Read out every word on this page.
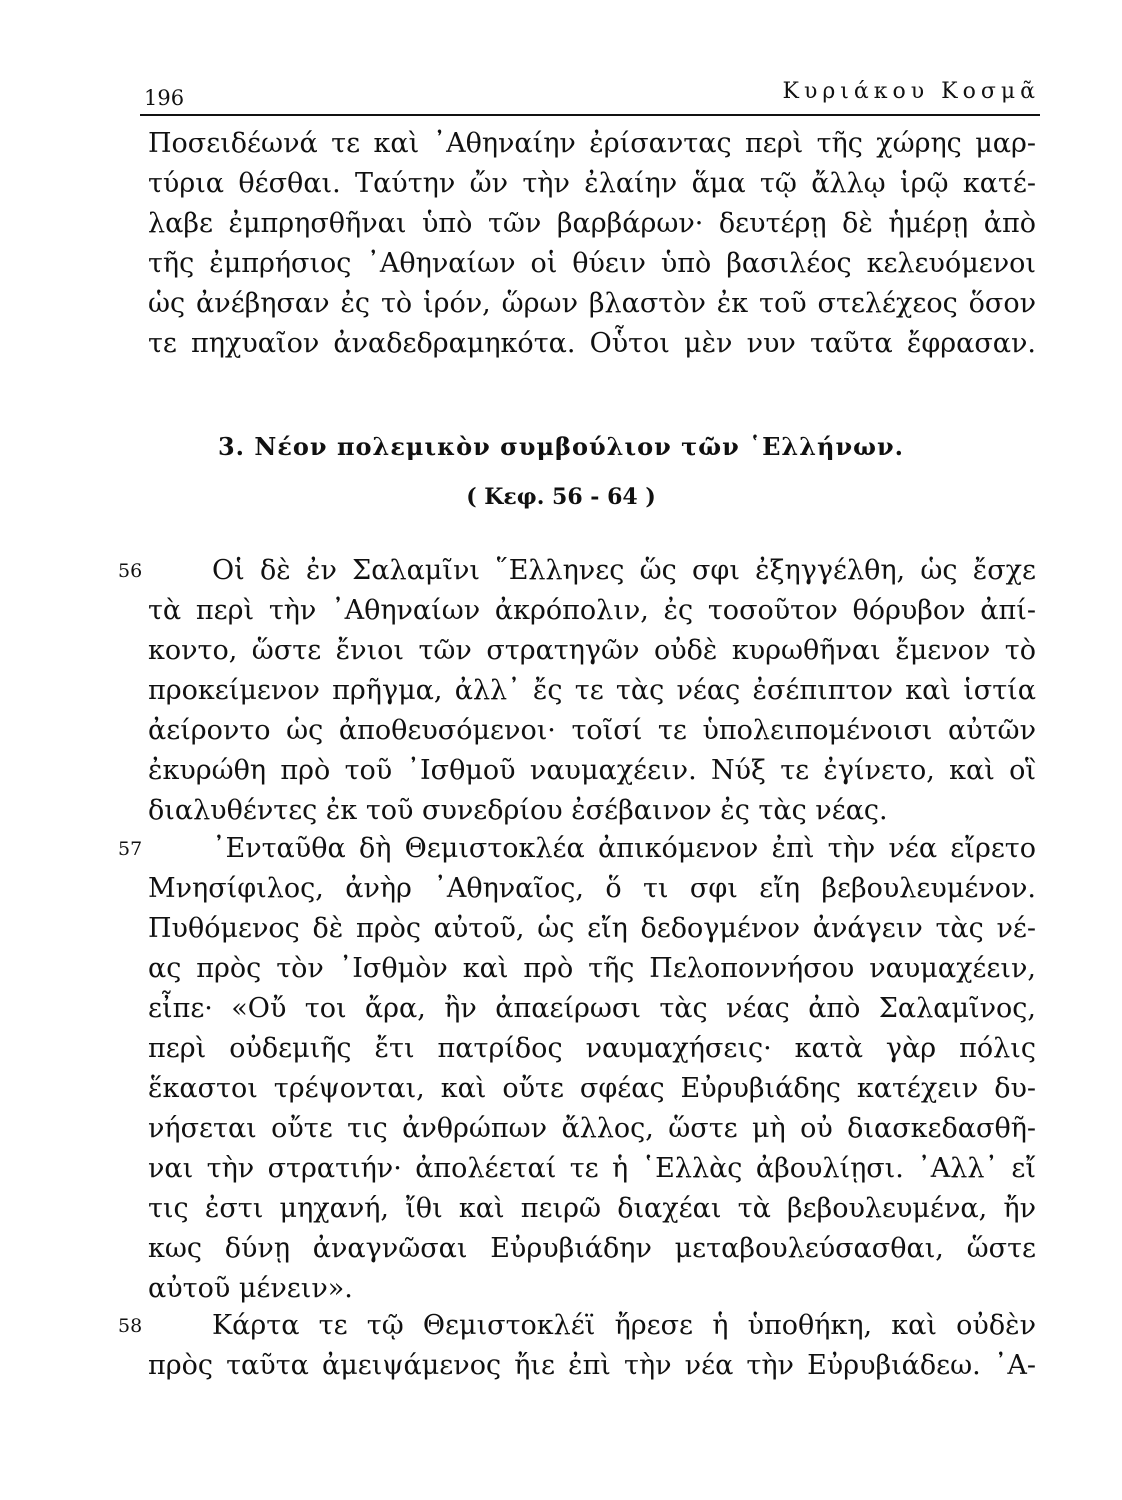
196	Κυριάκου Κοσμᾶ
Ποσειδέωνά τε καὶ ᾿Αθηναίην ἐρίσαντας περὶ τῆς χώρης μαρ-
τύρια θέσθαι. Ταύτην ὤν τὴν ἐλαίην ἅμα τῷ ἄλλῳ ἱρῷ κατέ-
λαβε ἐμπρησθῆναι ὑπὸ τῶν βαρβάρων· δευτέρῃ δὲ ἡμέρῃ ἀπὸ
τῆς ἐμπρήσιος ᾿Αθηναίων οἱ θύειν ὑπὸ βασιλέος κελευόμενοι
ὡς ἀνέβησαν ἐς τὸ ἱρόν, ὥρων βλαστὸν ἐκ τοῦ στελέχεος ὅσον
τε πηχυαῖον ἀναδεδραμηκότα. Οὗτοι μὲν νυν ταῦτα ἔφρασαν.
3. Νέον πολεμικὸν συμβούλιον τῶν ῾Ελλήνων.
( Κεφ. 56 - 64 )
56	Οἱ δὲ ἐν Σαλαμῖνι ῞Ελληνες ὥς σφι ἐξηγγέλθη, ὡς ἔσχε
τὰ περὶ τὴν ᾿Αθηναίων ἀκρόπολιν, ἐς τοσοῦτον θόρυβον ἀπί-
κοντο, ὥστε ἔνιοι τῶν στρατηγῶν οὐδὲ κυρωθῆναι ἔμενον τὸ
προκείμενον πρῆγμα, ἀλλ᾿ ἔς τε τὰς νέας ἐσέπιπτον καὶ ἱστία
ἀείροντο ὡς ἀποθευσόμενοι· τοῖσί τε ὑπολειπομένοισι αὐτῶν
ἐκυρώθη πρὸ τοῦ ᾿Ισθμοῦ ναυμαχέειν. Νύξ τε ἐγίνετο, καὶ οἳ
διαλυθέντες ἐκ τοῦ συνεδρίου ἐσέβαινον ἐς τὰς νέας.
57	᾿Ενταῦθα δὴ Θεμιστοκλέα ἀπικόμενον ἐπὶ τὴν νέα εἴρετο
Μνησίφιλος, ἀνὴρ ᾿Αθηναῖος, ὅ τι σφι εἴη βεβουλευμένον.
Πυθόμενος δὲ πρὸς αὐτοῦ, ὡς εἴη δεδογμένον ἀνάγειν τὰς νέ-
ας πρὸς τὸν ᾿Ισθμὸν καὶ πρὸ τῆς Πελοποννήσου ναυμαχέειν,
εἶπε· «Οὔ τοι ἄρα, ἢν ἀπαείρωσι τὰς νέας ἀπὸ Σαλαμῖνος,
περὶ οὐδεμιῆς ἔτι πατρίδος ναυμαχήσεις· κατὰ γὰρ πόλις
ἕκαστοι τρέψονται, καὶ οὔτε σφέας Εὐρυβιάδης κατέχειν δυ-
νήσεται οὔτε τις ἀνθρώπων ἄλλος, ὥστε μὴ οὐ διασκεδασθῆ-
ναι τὴν στρατιήν· ἀπολέεταί τε ἡ ῾Ελλὰς ἀβουλίῃσι. ᾿Αλλ᾿ εἴ
τις ἐστι μηχανή, ἴθι καὶ πειρῶ διαχέαι τὰ βεβουλευμένα, ἤν
κως δύνῃ ἀναγνῶσαι Εὐρυβιάδην μεταβουλεύσασθαι, ὥστε
αὐτοῦ μένειν».
58	Κάρτα τε τῷ Θεμιστοκλέϊ ἤρεσε ἡ ὑποθήκη, καὶ οὐδὲν
πρὸς ταῦτα ἀμειψάμενος ἤιε ἐπὶ τὴν νέα τὴν Εὐρυβιάδεω. ᾿Α-
